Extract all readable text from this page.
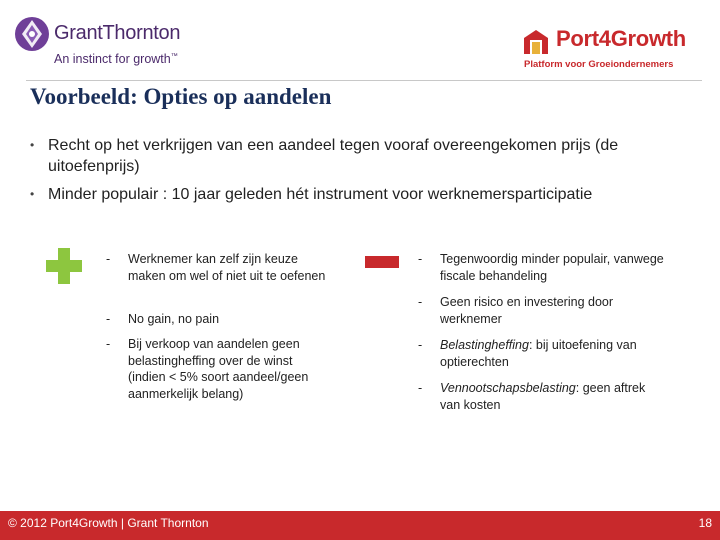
GrantThornton
An instinct for growth™
Port4Growth
Platform voor Groeiondernemers
Voorbeeld: Opties op aandelen
• Recht op het verkrijgen van een aandeel tegen vooraf overeengekomen prijs (de uitoefenprijs)
• Minder populair : 10 jaar geleden hét instrument voor werknemersparticipatie
- Werknemer kan zelf zijn keuze maken om wel of niet uit te oefenen
- No gain, no pain
- Bij verkoop van aandelen geen belastingheffing over de winst (indien < 5% soort aandeel/geen aanmerkelijk belang)
- Tegenwoordig minder populair, vanwege fiscale behandeling
- Geen risico en investering door werknemer
- Belastingheffing: bij uitoefening van optierechten
- Vennootschapsbelasting: geen aftrek van kosten
© 2012 Port4Growth | Grant Thornton	18
